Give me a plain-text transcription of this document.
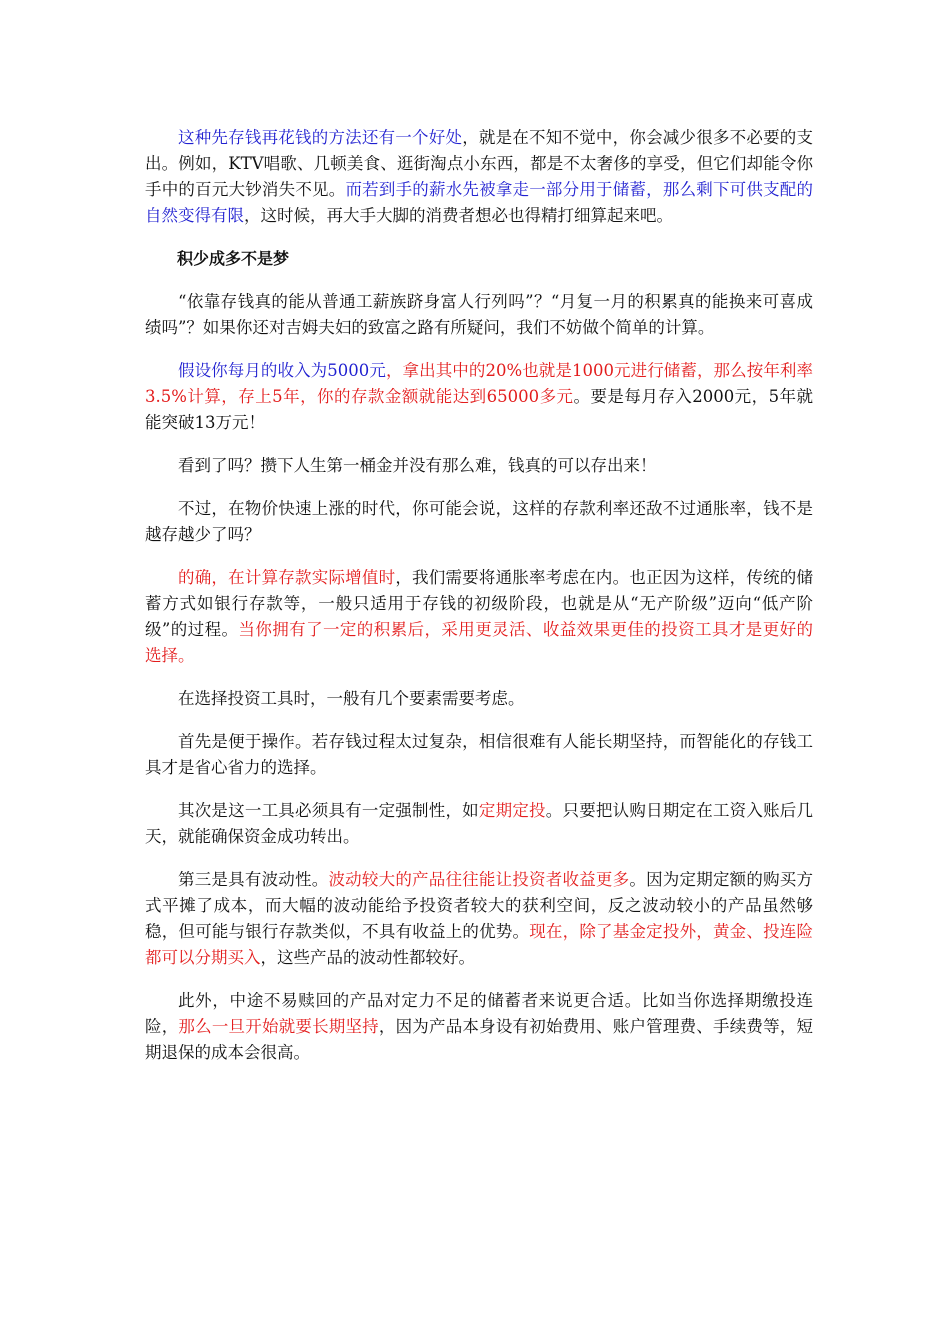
这种先存钱再花钱的方法还有一个好处，就是在不知不觉中，你会减少很多不必要的支出。例如，KTV唱歌、几顿美食、逛街淘点小东西，都是不太奢侈的享受，但它们却能令你手中的百元大钞消失不见。而若到手的薪水先被拿走一部分用于储蓄，那么剩下可供支配的自然变得有限，这时候，再大手大脚的消费者想必也得精打细算起来吧。

积少成多不是梦

“依靠存钱真的能从普通工薪族跻身富人行列吗”？“月复一月的积累真的能换来可喜成绩吗”？如果你还对吉姆夫妇的致富之路有所疑问，我们不妨做个简单的计算。

假设你每月的收入为5000元，拿出其中的20%也就是1000元进行储蓄，那么按年利率3.5%计算，存上5年，你的存款金额就能达到65000多元。要是每月存入2000元，5年就能突破13万元！

看到了吗？攒下人生第一桶金并没有那么难，钱真的可以存出来！

不过，在物价快速上涨的时代，你可能会说，这样的存款利率还敌不过通胀率，钱不是越存越少了吗？

的确，在计算存款实际增值时，我们需要将通胀率考虑在内。也正因为这样，传统的储蓄方式如银行存款等，一般只适用于存钱的初级阶段，也就是从“无产阶级”迈向“低产阶级”的过程。当你拥有了一定的积累后，采用更灵活、收益效果更佳的投资工具才是更好的选择。

在选择投资工具时，一般有几个要素需要考虑。

首先是便于操作。若存钱过程太过复杂，相信很难有人能长期坚持，而智能化的存钱工具才是省心省力的选择。

其次是这一工具必须具有一定强制性，如定期定投。只要把认购日期定在工资入账后几天，就能确保资金成功转出。

第三是具有波动性。波动较大的产品往往能让投资者收益更多。因为定期定额的购买方式平摊了成本，而大幅的波动能给予投资者较大的获利空间，反之波动较小的产品虽然够稳，但可能与银行存款类似，不具有收益上的优势。现在，除了基金定投外，黄金、投连险都可以分期买入，这些产品的波动性都较好。

此外，中途不易赎回的产品对定力不足的储蓄者来说更合适。比如当你选择期缴投连险，那么一旦开始就要长期坚持，因为产品本身设有初始费用、账户管理费、手续费等，短期退保的成本会很高。
